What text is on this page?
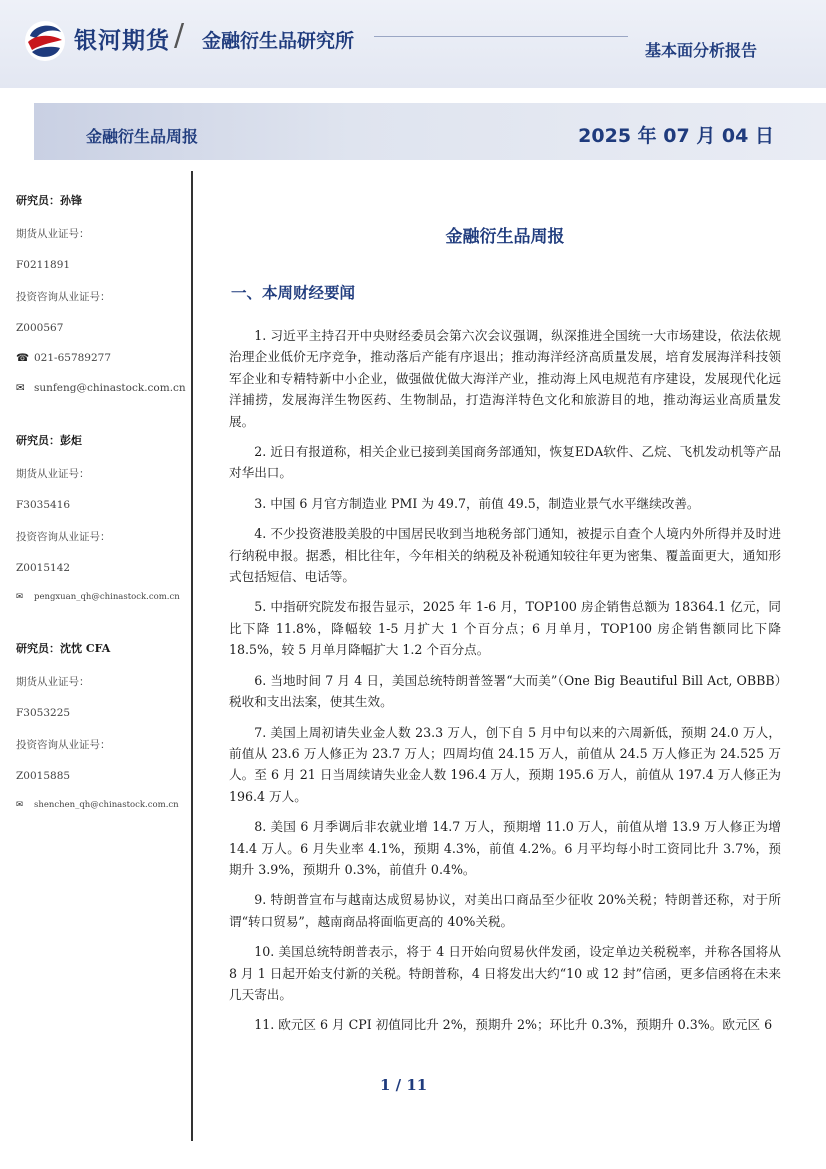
银河期货 / 金融衍生品研究所	基本面分析报告
金融衍生品周报	2025 年 07 月 04 日
研究员：孙锋
期货从业证号：
F0211891
投资咨询从业证号：
Z000567
☎ 021-65789277
✉ sunfeng@chinastock.com.cn
研究员：彭炬
期货从业证号：
F3035416
投资咨询从业证号：
Z0015142
✉ pengxuan_qh@chinastock.com.cn
研究员：沈忱 CFA
期货从业证号：
F3053225
投资咨询从业证号：
Z0015885
✉ shenchen_qh@chinastock.com.cn
金融衍生品周报
一、本周财经要闻

1. 习近平主持召开中央财经委员会第六次会议强调，纵深推进全国统一大市场建设，依法依规治理企业低价无序竞争，推动落后产能有序退出；推动海洋经济高质量发展，培育发展海洋科技领军企业和专精特新中小企业，做强做优做大海洋产业，推动海上风电规范有序建设，发展现代化远洋捕捞，发展海洋生物医药、生物制品，打造海洋特色文化和旅游目的地，推动海运业高质量发展。

2. 近日有报道称，相关企业已接到美国商务部通知，恢复EDA软件、乙烷、飞机发动机等产品对华出口。

3. 中国 6 月官方制造业 PMI 为 49.7，前值 49.5，制造业景气水平继续改善。

4. 不少投资港股美股的中国居民收到当地税务部门通知，被提示自查个人境内外所得并及时进行纳税申报。据悉，相比往年，今年相关的纳税及补税通知较往年更为密集、覆盖面更大，通知形式包括短信、电话等。

5. 中指研究院发布报告显示，2025 年 1-6 月，TOP100 房企销售总额为 18364.1 亿元，同比下降 11.8%，降幅较 1-5 月扩大 1 个百分点；6 月单月，TOP100 房企销售额同比下降 18.5%，较 5 月单月降幅扩大 1.2 个百分点。

6. 当地时间 7 月 4 日，美国总统特朗普签署“大而美”（One Big Beautiful Bill Act, OBBB）税收和支出法案，使其生效。

7. 美国上周初请失业金人数 23.3 万人，创下自 5 月中旬以来的六周新低，预期 24.0 万人，前值从 23.6 万人修正为 23.7 万人；四周均值 24.15 万人，前值从 24.5 万人修正为 24.525 万人。至 6 月 21 日当周续请失业金人数 196.4 万人，预期 195.6 万人，前值从 197.4 万人修正为 196.4 万人。

8. 美国 6 月季调后非农就业增 14.7 万人，预期增 11.0 万人，前值从增 13.9 万人修正为增 14.4 万人。6 月失业率 4.1%，预期 4.3%，前值 4.2%。6 月平均每小时工资同比升 3.7%，预期升 3.9%，预期升 0.3%，前值升 0.4%。

9. 特朗普宣布与越南达成贸易协议，对美出口商品至少征收 20%关税；特朗普还称，对于所谓“转口贸易”，越南商品将面临更高的 40%关税。

10. 美国总统特朗普表示，将于 4 日开始向贸易伙伴发函，设定单边关税税率，并称各国将从 8 月 1 日起开始支付新的关税。特朗普称，4 日将发出大约“10 或 12 封”信函，更多信函将在未来几天寄出。

11. 欧元区 6 月 CPI 初值同比升 2%，预期升 2%；环比升 0.3%，预期升 0.3%。欧元区 6

1 / 11
